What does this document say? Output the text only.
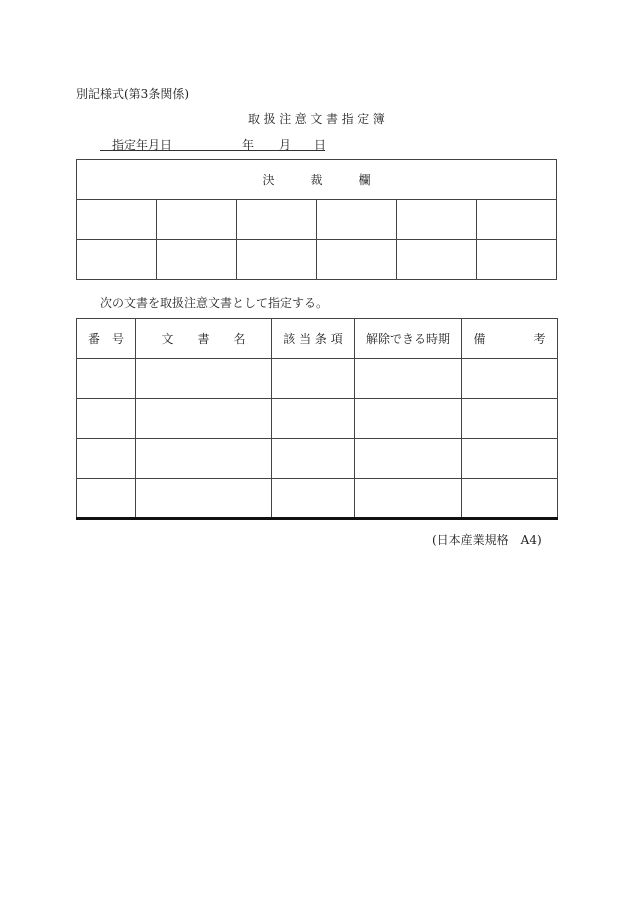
別記様式(第3条関係)
取扱注意文書指定簿
指定年月日	年 月 日
決　　　裁　　　欄					

次の文書を取扱注意文書として指定する。
番　号	文　　書　　名	該 当 条 項	解除できる時期	備　　　　考

(日本産業規格　A4)
